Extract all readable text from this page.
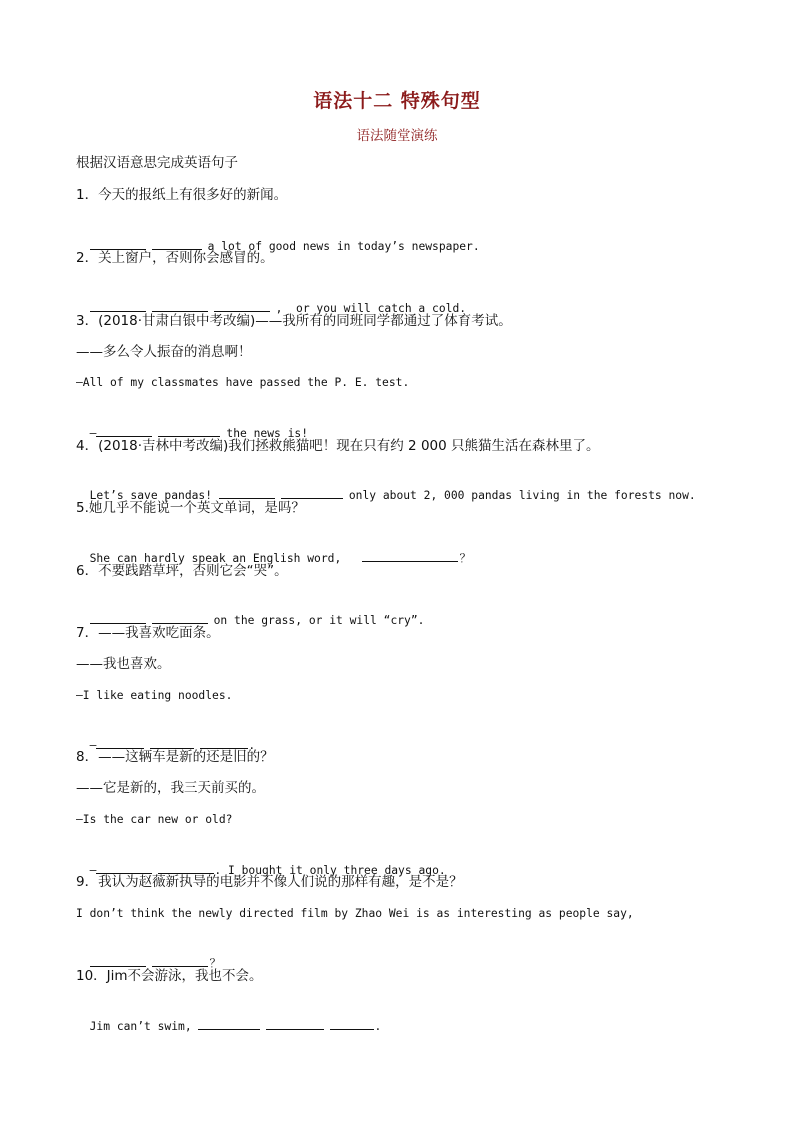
语法十二 特殊句型
语法随堂演练
根据汉语意思完成英语句子
1．今天的报纸上有很多好的新闻。

a lot of good news in today’s newspaper.

2．关上窗户，否则你会感冒的。

,  or you will catch a cold.

3．(2018·甘肃白银中考改编)——我所有的同班同学都通过了体育考试。
——多么令人振奋的消息啊！
—All of my classmates have passed the P. E. test.

—	the news is!

4．(2018·吉林中考改编)我们拯救熊猫吧！现在只有约 2 000 只熊猫生活在森林里了。

Let’s save pandas!	only about 2, 000 pandas living in the forests now.

5.她几乎不能说一个英文单词，是吗？

She can hardly speak an English word,	？

6．不要践踏草坪，否则它会“哭”。

on the grass, or it will “cry”.

7．——我喜欢吃面条。
——我也喜欢。
—I like eating noodles.

—	.

8．——这辆车是新的还是旧的？
——它是新的，我三天前买的。
—Is the car new or old?

—	. I bought it only three days ago.

9．我认为赵薇新执导的电影并不像人们说的那样有趣，是不是？
I don’t think the newly directed film by Zhao Wei is as interesting as people say,

？

10．Jim不会游泳，我也不会。

Jim can’t swim,	.
